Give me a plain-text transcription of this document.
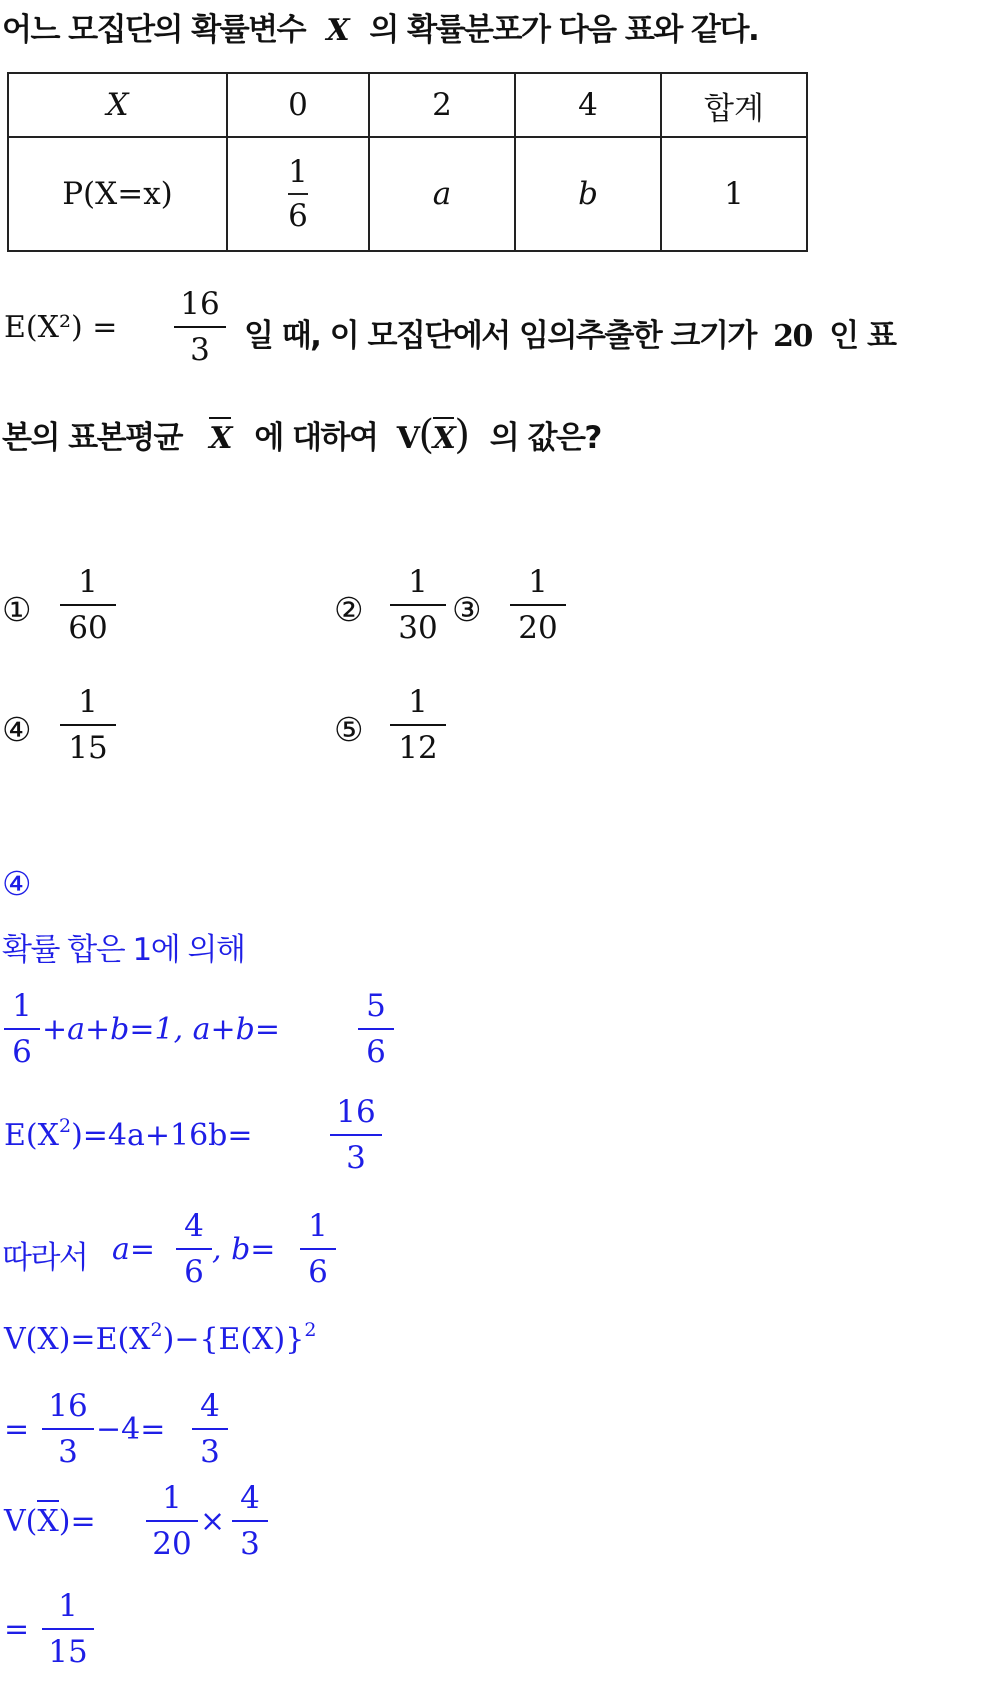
어느 모집단의 확률변수 X 의 확률분포가 다음 표와 같다.
X	0	2	4	합계
P(X=x)	$\frac{1}{6}$	a	b	1
E(X²) =
16
3	일 때, 이 모집단에서 임의추출한 크기가 20 인 표
본의 표본평균 X 에 대하여 V(X) 의 값은?
①
1
60	②
1
30 ③
1
20
④
1
15	⑤
1
12
④
확률 합은 1에 의해
1
6
+a+b=1, a+b=
5
6
$E(X^2)=4a+16b=$
16
3
따라서 a=
4
6
, b=
1
6
$V(X)=E(X^2)-\{E(X)\}^2$
=
16
3
−4=
4
3
V(X)=
1
20
×
4
3
=
1
15
